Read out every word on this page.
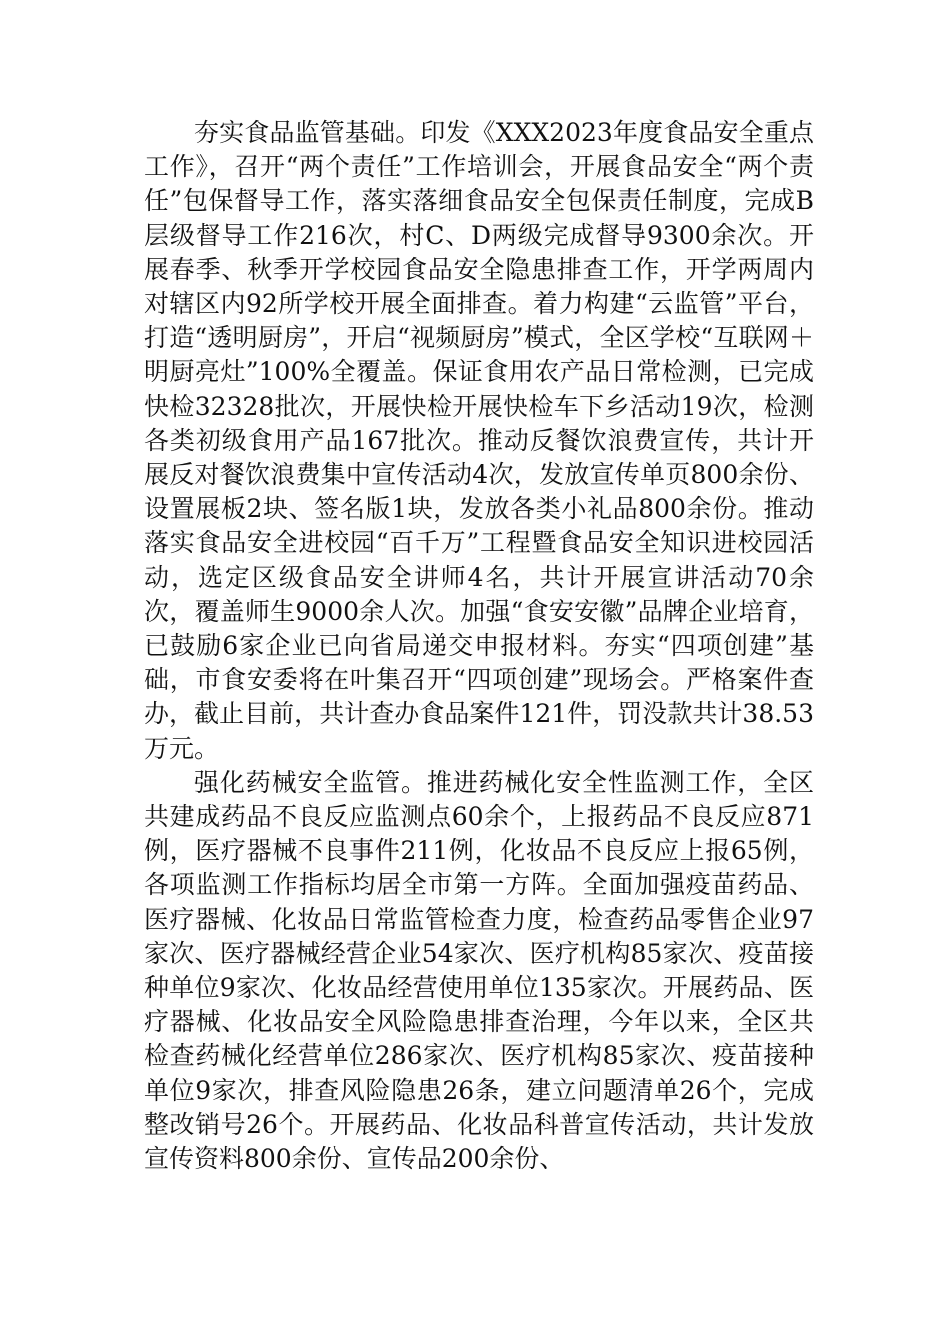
夯实食品监管基础。印发《XXX2023年度食品安全重点工作》，召开“两个责任”工作培训会，开展食品安全“两个责任”包保督导工作，落实落细食品安全包保责任制度，完成B层级督导工作216次，村C、D两级完成督导9300余次。开展春季、秋季开学校园食品安全隐患排查工作，开学两周内对辖区内92所学校开展全面排查。着力构建“云监管”平台，打造“透明厨房”，开启“视频厨房”模式，全区学校“互联网＋明厨亮灶”100%全覆盖。保证食用农产品日常检测，已完成快检32328批次，开展快检开展快检车下乡活动19次，检测各类初级食用产品167批次。推动反餐饮浪费宣传，共计开展反对餐饮浪费集中宣传活动4次，发放宣传单页800余份、设置展板2块、签名版1块，发放各类小礼品800余份。推动落实食品安全进校园“百千万”工程暨食品安全知识进校园活动，选定区级食品安全讲师4名，共计开展宣讲活动70余次，覆盖师生9000余人次。加强“食安安徽”品牌企业培育，已鼓励6家企业已向省局递交申报材料。夯实“四项创建”基础，市食安委将在叶集召开“四项创建”现场会。严格案件查办，截止目前，共计查办食品案件121件，罚没款共计38.53万元。

强化药械安全监管。推进药械化安全性监测工作，全区共建成药品不良反应监测点60余个，上报药品不良反应871例，医疗器械不良事件211例，化妆品不良反应上报65例，各项监测工作指标均居全市第一方阵。全面加强疫苗药品、医疗器械、化妆品日常监管检查力度，检查药品零售企业97家次、医疗器械经营企业54家次、医疗机构85家次、疫苗接种单位9家次、化妆品经营使用单位135家次。开展药品、医疗器械、化妆品安全风险隐患排查治理，今年以来，全区共检查药械化经营单位286家次、医疗机构85家次、疫苗接种单位9家次，排查风险隐患26条，建立问题清单26个，完成整改销号26个。开展药品、化妆品科普宣传活动，共计发放宣传资料800余份、宣传品200余份、
